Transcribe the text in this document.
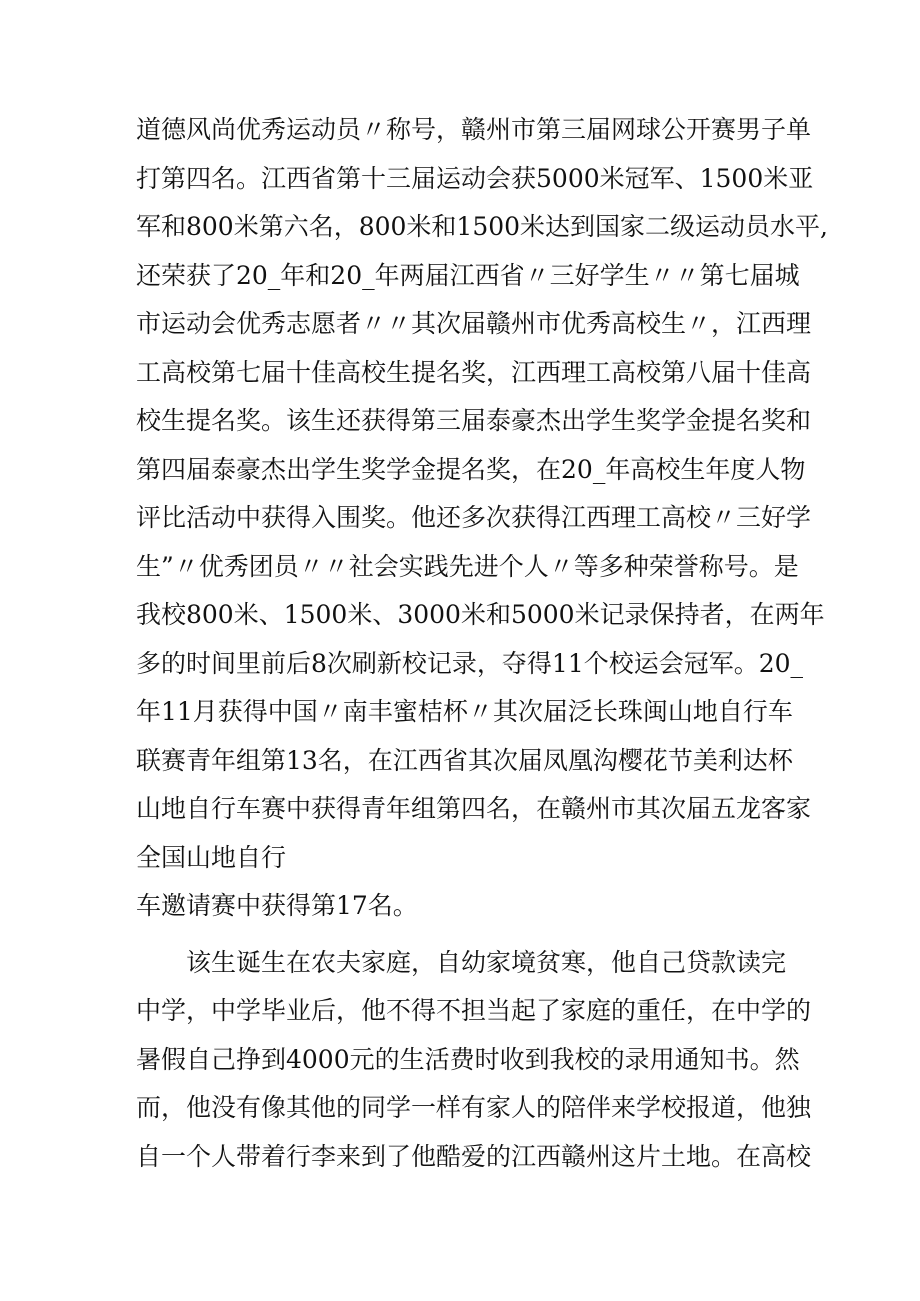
道德风尚优秀运动员〃称号，赣州市第三届网球公开赛男子单
打第四名。江西省第十三届运动会获5000米冠军、1500米亚
军和800米第六名，800米和1500米达到国家二级运动员水平,
还荣获了20_年和20_年两届江西省〃三好学生〃〃第七届城
市运动会优秀志愿者〃〃其次届赣州市优秀高校生〃，江西理
工高校第七届十佳高校生提名奖，江西理工高校第八届十佳高
校生提名奖。该生还获得第三届泰豪杰出学生奖学金提名奖和
第四届泰豪杰出学生奖学金提名奖，在20_年高校生年度人物
评比活动中获得入围奖。他还多次获得江西理工高校〃三好学
生”〃优秀团员〃〃社会实践先进个人〃等多种荣誉称号。是
我校800米、1500米、3000米和5000米记录保持者，在两年
多的时间里前后8次刷新校记录，夺得11个校运会冠军。20_
年11月获得中国〃南丰蜜桔杯〃其次届泛长珠闽山地自行车
联赛青年组第13名，在江西省其次届凤凰沟樱花节美利达杯
山地自行车赛中获得青年组第四名，在赣州市其次届五龙客家
全国山地自行
车邀请赛中获得第17名。
该生诞生在农夫家庭，自幼家境贫寒，他自己贷款读完
中学，中学毕业后，他不得不担当起了家庭的重任，在中学的
暑假自己挣到4000元的生活费时收到我校的录用通知书。然
而，他没有像其他的同学一样有家人的陪伴来学校报道，他独
自一个人带着行李来到了他酷爱的江西赣州这片土地。在高校
